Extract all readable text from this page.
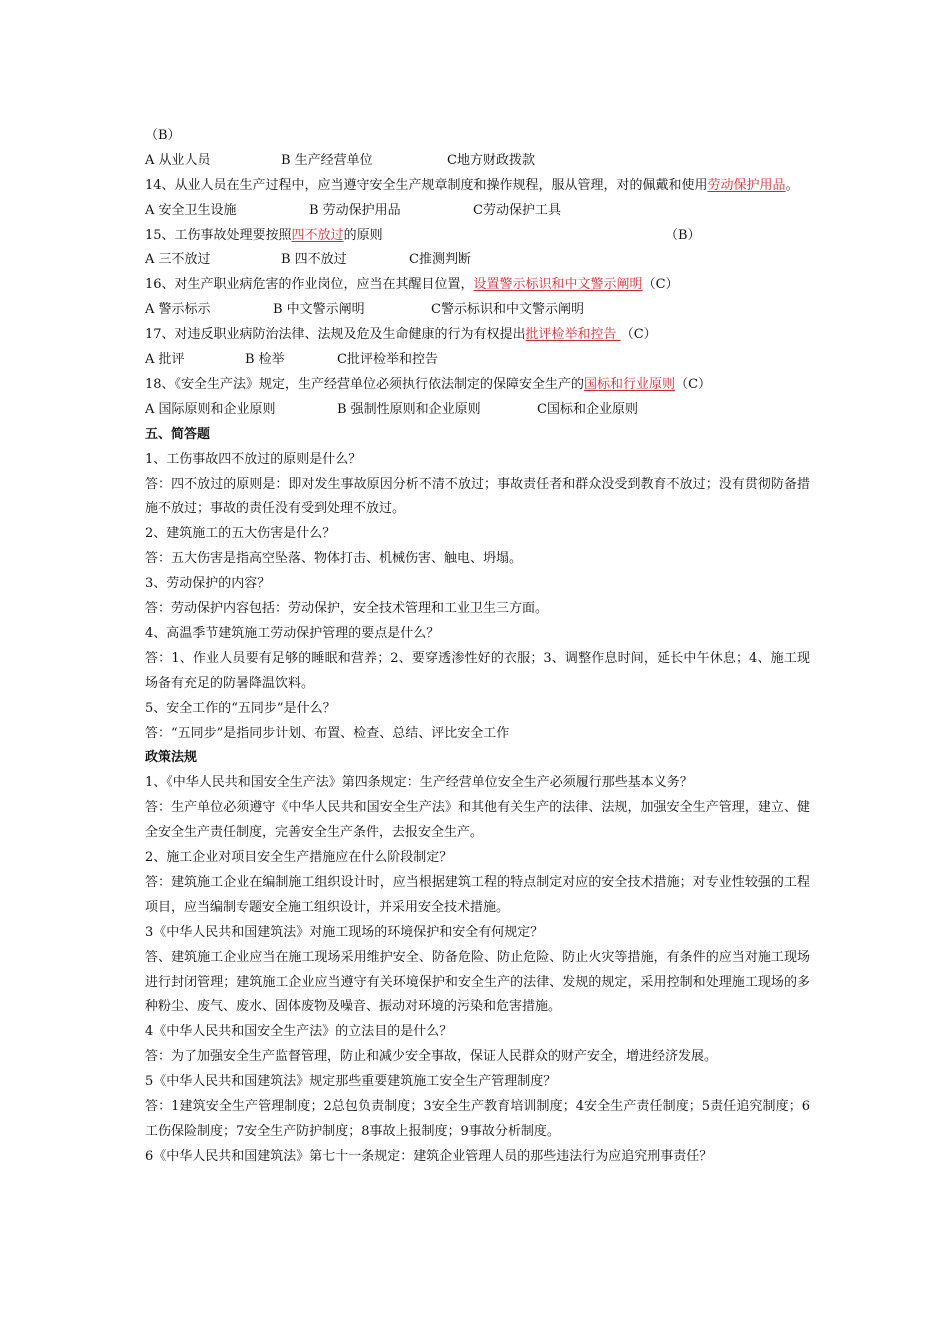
（B）
A 从业人员	B 生产经营单位	C地方财政拨款
14、从业人员在生产过程中，应当遵守安全生产规章制度和操作规程，服从管理，对的佩戴和使用劳动保护用品。
A 安全卫生设施	B 劳动保护用品	C劳动保护工具
15、工伤事故处理要按照四不放过的原则	（B）
A 三不放过	B 四不放过	C推测判断
16、对生产职业病危害的作业岗位，应当在其醒目位置，设置警示标识和中文警示阐明（C）
A 警示标示	B 中文警示阐明	C警示标识和中文警示阐明
17、对违反职业病防治法律、法规及危及生命健康的行为有权提出批评检举和控告 （C）
A 批评	B 检举	C批评检举和控告
18、《安全生产法》规定，生产经营单位必须执行依法制定的保障安全生产的国标和行业原则（C）
A 国际原则和企业原则	B 强制性原则和企业原则	C国标和企业原则
五、简答题
1、工伤事故四不放过的原则是什么？
答：四不放过的原则是：即对发生事故原因分析不清不放过；事故责任者和群众没受到教育不放过；没有贯彻防备措施不放过；事故的责任没有受到处理不放过。
2、建筑施工的五大伤害是什么？
答：五大伤害是指高空坠落、物体打击、机械伤害、触电、坍塌。
3、劳动保护的内容？
答：劳动保护内容包括：劳动保护，安全技术管理和工业卫生三方面。
4、高温季节建筑施工劳动保护管理的要点是什么？
答：1、作业人员要有足够的睡眠和营养；2、要穿透渗性好的衣服；3、调整作息时间，延长中午休息；4、施工现场备有充足的防暑降温饮料。
5、安全工作的“五同步”是什么？
答：“五同步”是指同步计划、布置、检查、总结、评比安全工作
政策法规
1、《中华人民共和国安全生产法》第四条规定：生产经营单位安全生产必须履行那些基本义务？
答：生产单位必须遵守《中华人民共和国安全生产法》和其他有关生产的法律、法规，加强安全生产管理，建立、健全安全生产责任制度，完善安全生产条件，去报安全生产。
2、施工企业对项目安全生产措施应在什么阶段制定？
答：建筑施工企业在编制施工组织设计时，应当根据建筑工程的特点制定对应的安全技术措施；对专业性较强的工程项目，应当编制专题安全施工组织设计，并采用安全技术措施。
3《中华人民共和国建筑法》对施工现场的环境保护和安全有何规定？
答、建筑施工企业应当在施工现场采用维护安全、防备危险、防止危险、防止火灾等措施，有条件的应当对施工现场进行封闭管理；建筑施工企业应当遵守有关环境保护和安全生产的法律、发规的规定，采用控制和处理施工现场的多种粉尘、废气、废水、固体废物及噪音、振动对环境的污染和危害措施。
4《中华人民共和国安全生产法》的立法目的是什么？
答：为了加强安全生产监督管理，防止和减少安全事故，保证人民群众的财产安全，增进经济发展。
5《中华人民共和国建筑法》规定那些重要建筑施工安全生产管理制度？
答：1建筑安全生产管理制度；2总包负责制度；3安全生产教育培训制度；4安全生产责任制度；5责任追究制度；6工伤保险制度；7安全生产防护制度；8事故上报制度；9事故分析制度。
6《中华人民共和国建筑法》第七十一条规定：建筑企业管理人员的那些违法行为应追究刑事责任？
